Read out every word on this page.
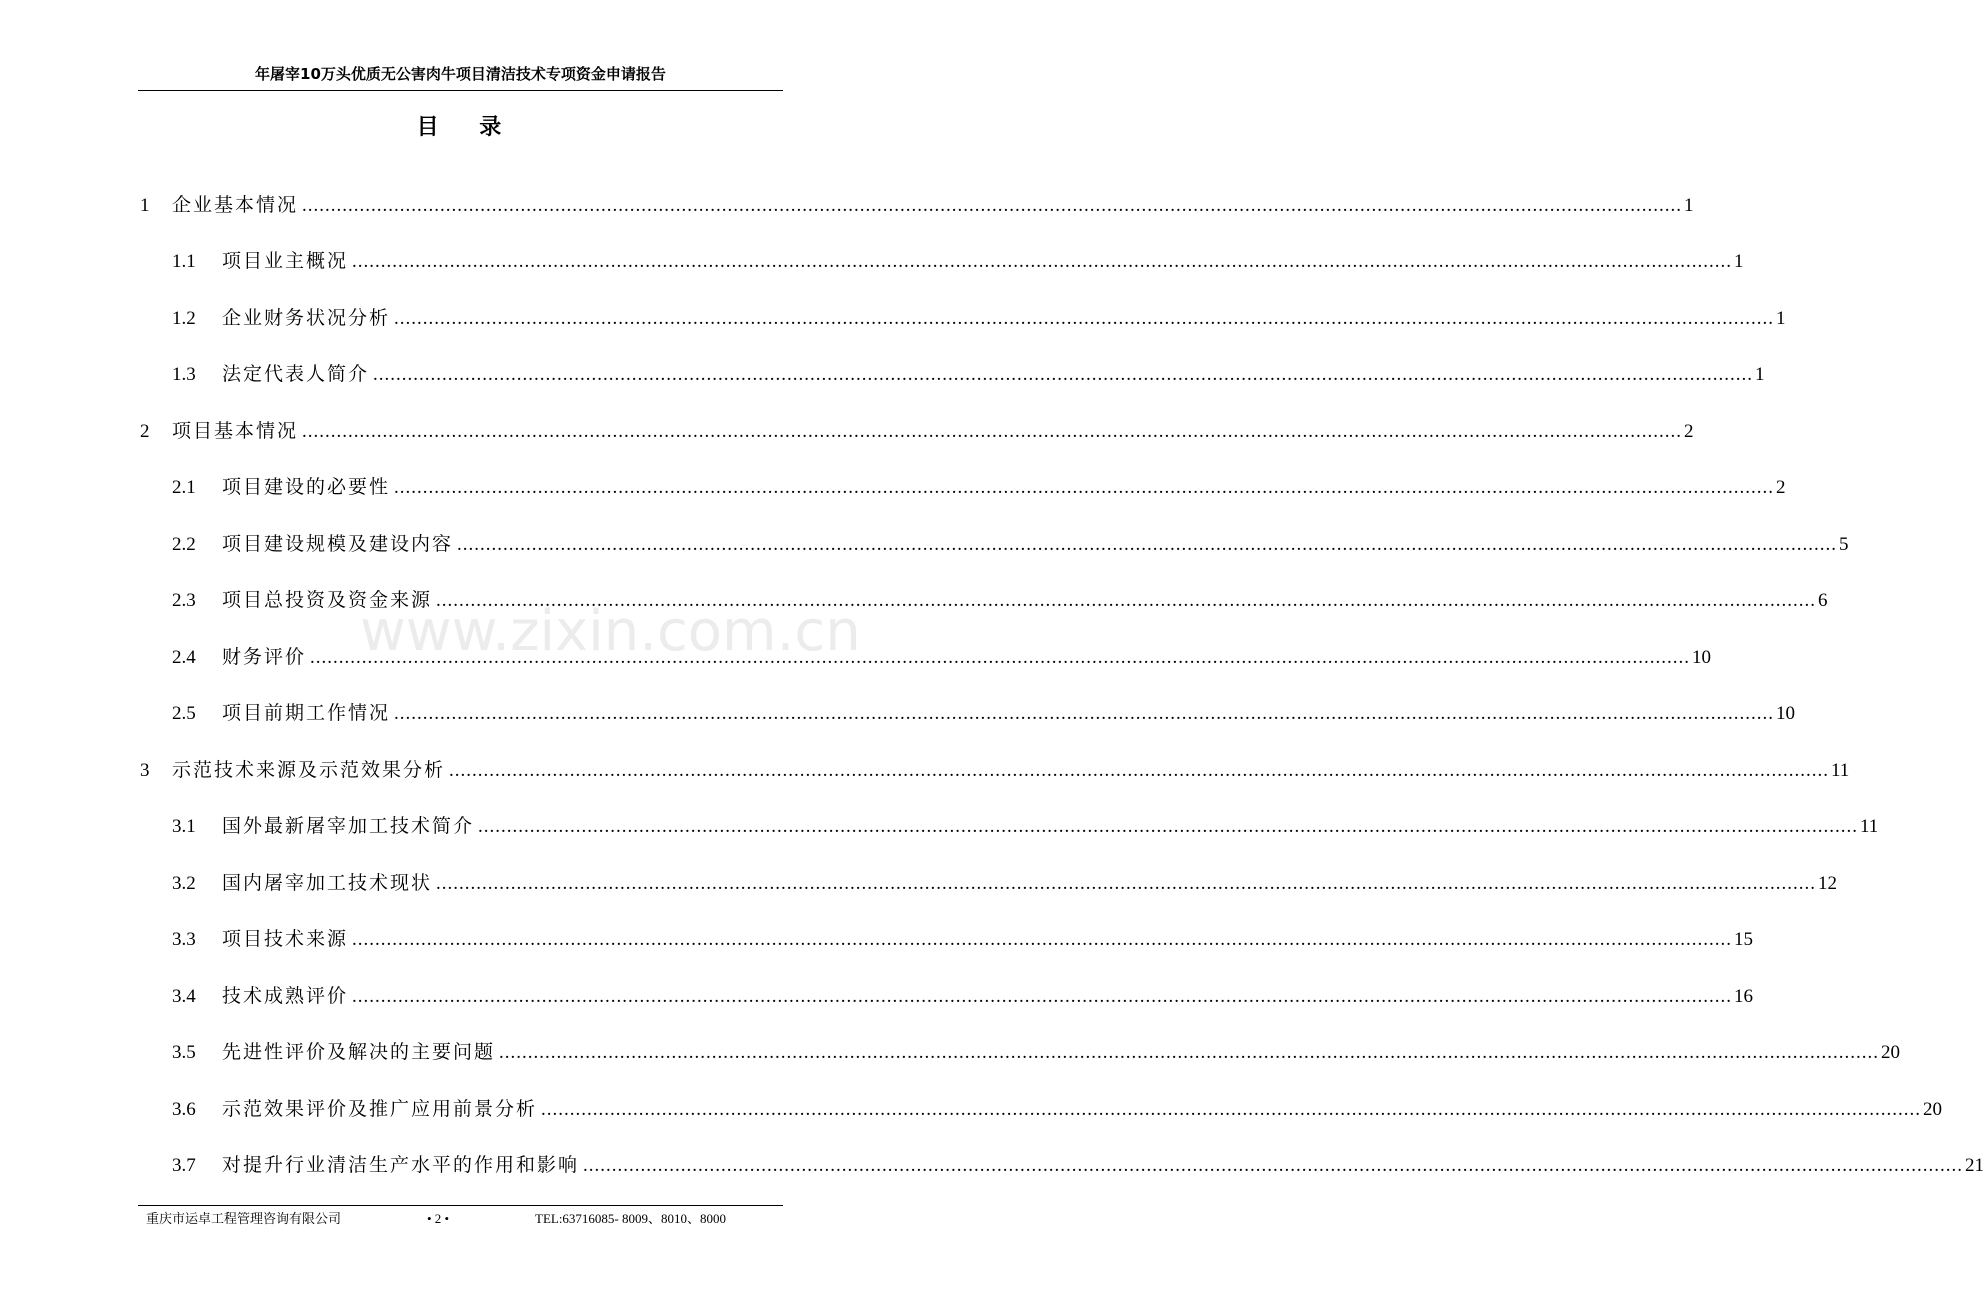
年屠宰10万头优质无公害肉牛项目清洁技术专项资金申请报告
目    录
www.zixin.com.cn
1	企业基本情况 ................................................................................................................................................................................................................................................ 1
1.1	项目业主概况 ................................................................................................................................................................................................................................................ 1
1.2	企业财务状况分析 ................................................................................................................................................................................................................................................ 1
1.3	法定代表人简介 ................................................................................................................................................................................................................................................ 1
2	项目基本情况 ................................................................................................................................................................................................................................................ 2
2.1	项目建设的必要性 ................................................................................................................................................................................................................................................ 2
2.2	项目建设规模及建设内容 ................................................................................................................................................................................................................................................ 5
2.3	项目总投资及资金来源 ................................................................................................................................................................................................................................................ 6
2.4	财务评价 ................................................................................................................................................................................................................................................ 10
2.5	项目前期工作情况 ................................................................................................................................................................................................................................................ 10
3	示范技术来源及示范效果分析 ................................................................................................................................................................................................................................................ 11
3.1	国外最新屠宰加工技术简介 ................................................................................................................................................................................................................................................ 11
3.2	国内屠宰加工技术现状 ................................................................................................................................................................................................................................................ 12
3.3	项目技术来源 ................................................................................................................................................................................................................................................ 15
3.4	技术成熟评价 ................................................................................................................................................................................................................................................ 16
3.5	先进性评价及解决的主要问题 ................................................................................................................................................................................................................................................ 20
3.6	示范效果评价及推广应用前景分析 ................................................................................................................................................................................................................................................ 20
3.7	对提升行业清洁生产水平的作用和影响 ................................................................................................................................................................................................................................................ 21
重庆市运卓工程管理咨询有限公司	• 2 •	TEL:63716085- 8009、8010、8000
